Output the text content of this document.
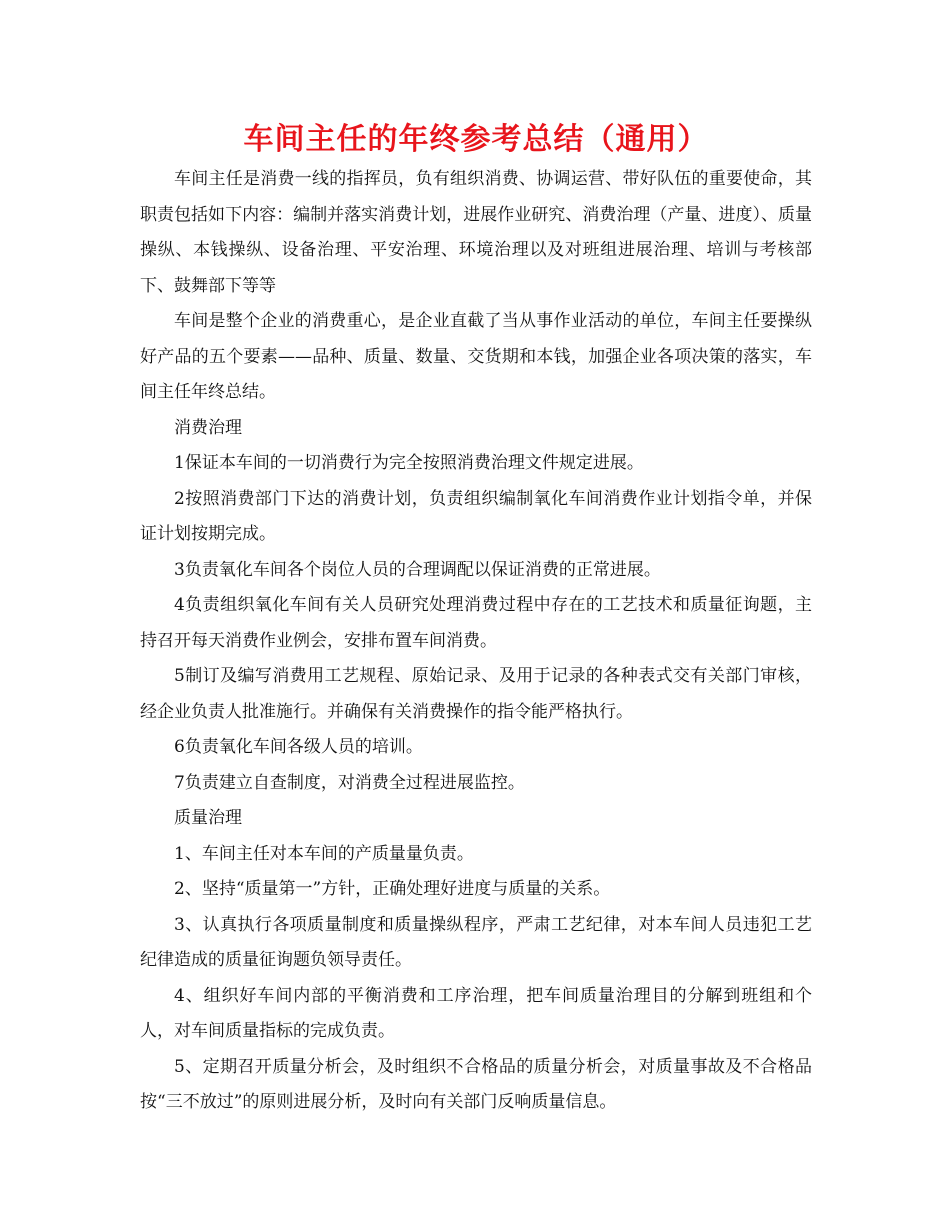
车间主任的年终参考总结（通用）

车间主任是消费一线的指挥员，负有组织消费、协调运营、带好队伍的重要使命，其职责包括如下内容：编制并落实消费计划，进展作业研究、消费治理（产量、进度）、质量操纵、本钱操纵、设备治理、平安治理、环境治理以及对班组进展治理、培训与考核部下、鼓舞部下等等

车间是整个企业的消费重心，是企业直截了当从事作业活动的单位，车间主任要操纵好产品的五个要素——品种、质量、数量、交货期和本钱，加强企业各项决策的落实，车间主任年终总结。

消费治理

1保证本车间的一切消费行为完全按照消费治理文件规定进展。

2按照消费部门下达的消费计划，负责组织编制氧化车间消费作业计划指令单，并保证计划按期完成。

3负责氧化车间各个岗位人员的合理调配以保证消费的正常进展。

4负责组织氧化车间有关人员研究处理消费过程中存在的工艺技术和质量征询题，主持召开每天消费作业例会，安排布置车间消费。

5制订及编写消费用工艺规程、原始记录、及用于记录的各种表式交有关部门审核，经企业负责人批准施行。并确保有关消费操作的指令能严格执行。

6负责氧化车间各级人员的培训。

7负责建立自查制度，对消费全过程进展监控。

质量治理

1、车间主任对本车间的产质量量负责。

2、坚持“质量第一”方针，正确处理好进度与质量的关系。

3、认真执行各项质量制度和质量操纵程序，严肃工艺纪律，对本车间人员违犯工艺纪律造成的质量征询题负领导责任。

4、组织好车间内部的平衡消费和工序治理，把车间质量治理目的分解到班组和个人，对车间质量指标的完成负责。

5、定期召开质量分析会，及时组织不合格品的质量分析会，对质量事故及不合格品按“三不放过”的原则进展分析，及时向有关部门反响质量信息。
